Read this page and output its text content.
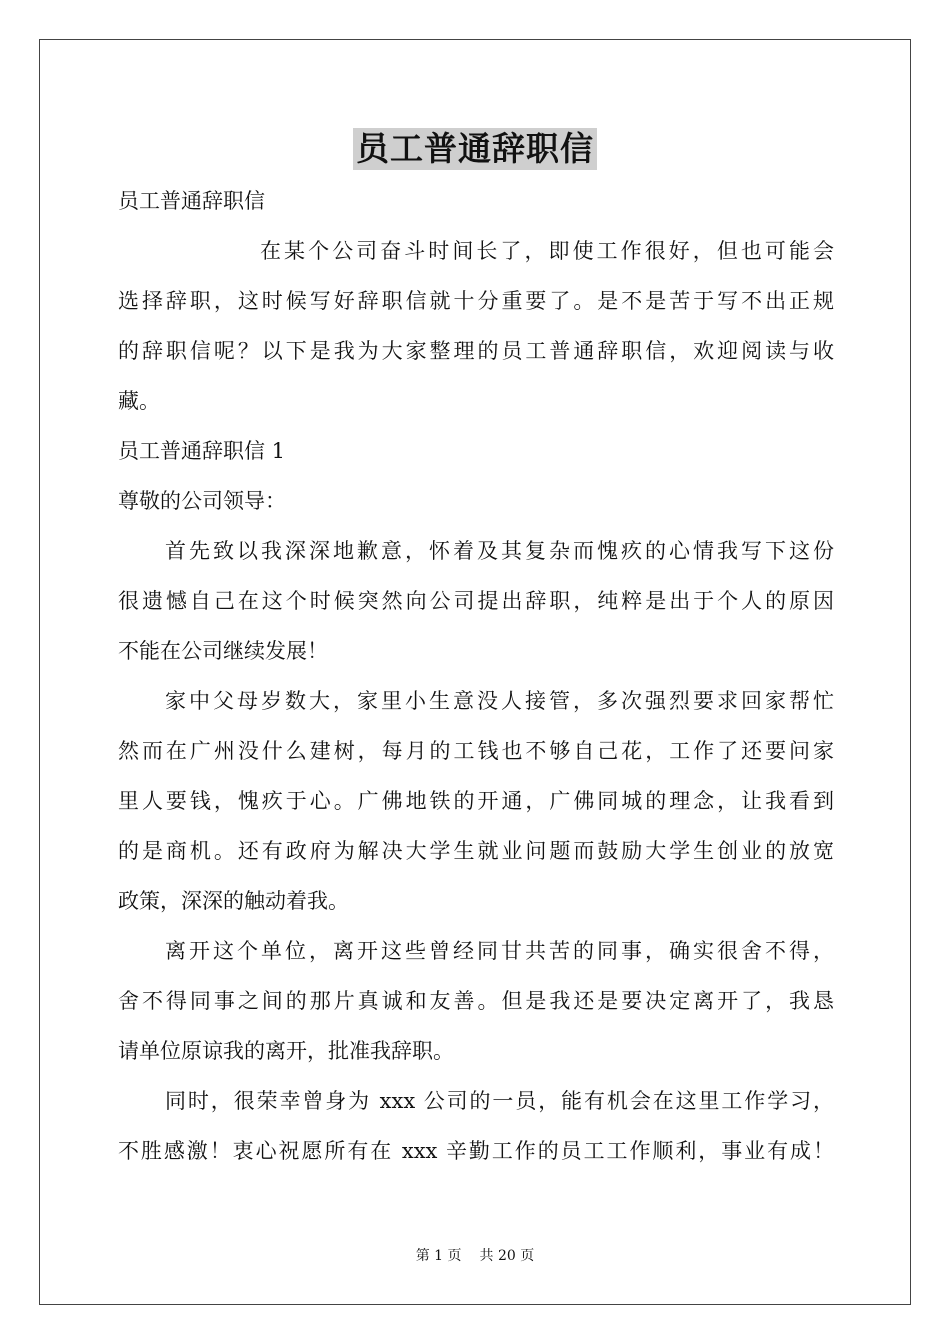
员工普通辞职信
员工普通辞职信
在某个公司奋斗时间长了，即使工作很好，但也可能会
选择辞职，这时候写好辞职信就十分重要了。是不是苦于写不出正规
的辞职信呢？以下是我为大家整理的员工普通辞职信，欢迎阅读与收
藏。
员工普通辞职信 1
尊敬的公司领导：
首先致以我深深地歉意，怀着及其复杂而愧疚的心情我写下这份
很遗憾自己在这个时候突然向公司提出辞职，纯粹是出于个人的原因
不能在公司继续发展！
家中父母岁数大，家里小生意没人接管，多次强烈要求回家帮忙
然而在广州没什么建树，每月的工钱也不够自己花，工作了还要问家
里人要钱，愧疚于心。广佛地铁的开通，广佛同城的理念，让我看到
的是商机。还有政府为解决大学生就业问题而鼓励大学生创业的放宽
政策，深深的触动着我。
离开这个单位，离开这些曾经同甘共苦的同事，确实很舍不得，
舍不得同事之间的那片真诚和友善。但是我还是要决定离开了，我恳
请单位原谅我的离开，批准我辞职。
同时，很荣幸曾身为 xxx 公司的一员，能有机会在这里工作学习，
不胜感激！衷心祝愿所有在 xxx 辛勤工作的员工工作顺利，事业有成！
第 1 页 共 20 页
